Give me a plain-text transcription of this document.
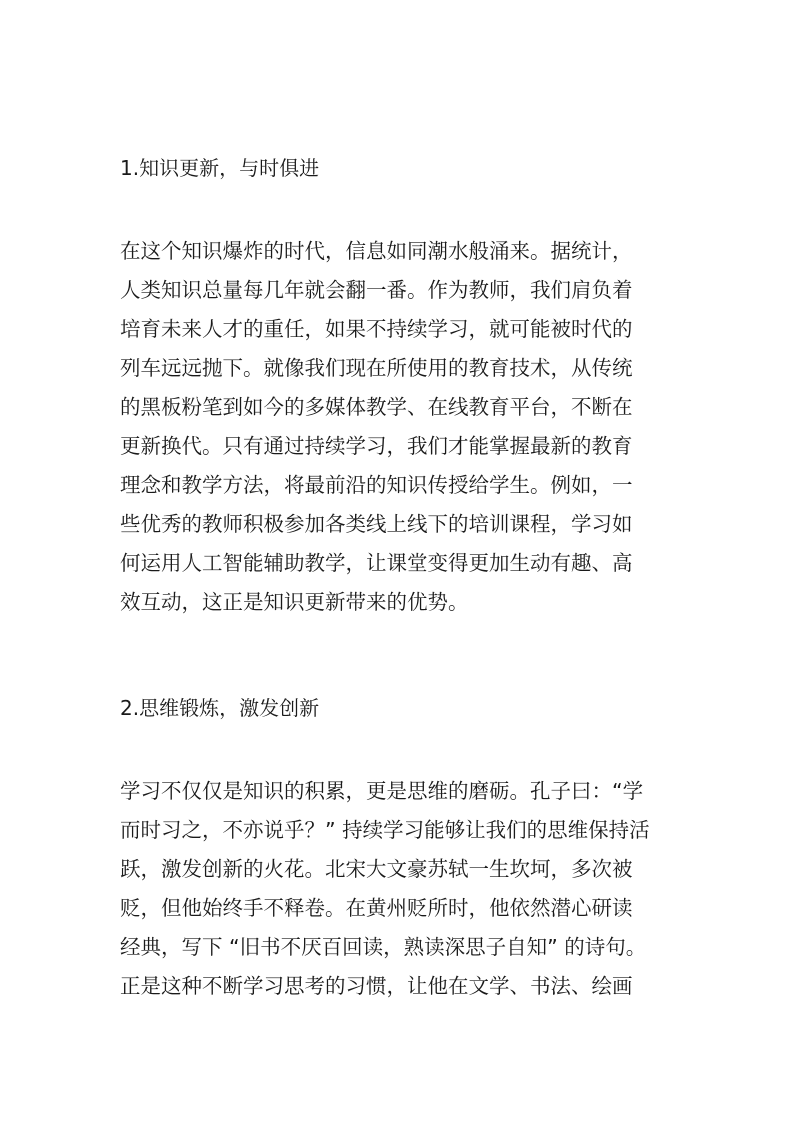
1.知识更新，与时俱进
在这个知识爆炸的时代，信息如同潮水般涌来。据统计，
人类知识总量每几年就会翻一番。作为教师，我们肩负着
培育未来人才的重任，如果不持续学习，就可能被时代的
列车远远抛下。就像我们现在所使用的教育技术，从传统
的黑板粉笔到如今的多媒体教学、在线教育平台，不断在
更新换代。只有通过持续学习，我们才能掌握最新的教育
理念和教学方法，将最前沿的知识传授给学生。例如，一
些优秀的教师积极参加各类线上线下的培训课程，学习如
何运用人工智能辅助教学，让课堂变得更加生动有趣、高
效互动，这正是知识更新带来的优势。
2.思维锻炼，激发创新
学习不仅仅是知识的积累，更是思维的磨砺。孔子曰：“学
而时习之，不亦说乎？” 持续学习能够让我们的思维保持活
跃，激发创新的火花。北宋大文豪苏轼一生坎坷，多次被
贬，但他始终手不释卷。在黄州贬所时，他依然潜心研读
经典，写下 “旧书不厌百回读，熟读深思子自知” 的诗句。
正是这种不断学习思考的习惯，让他在文学、书法、绘画
